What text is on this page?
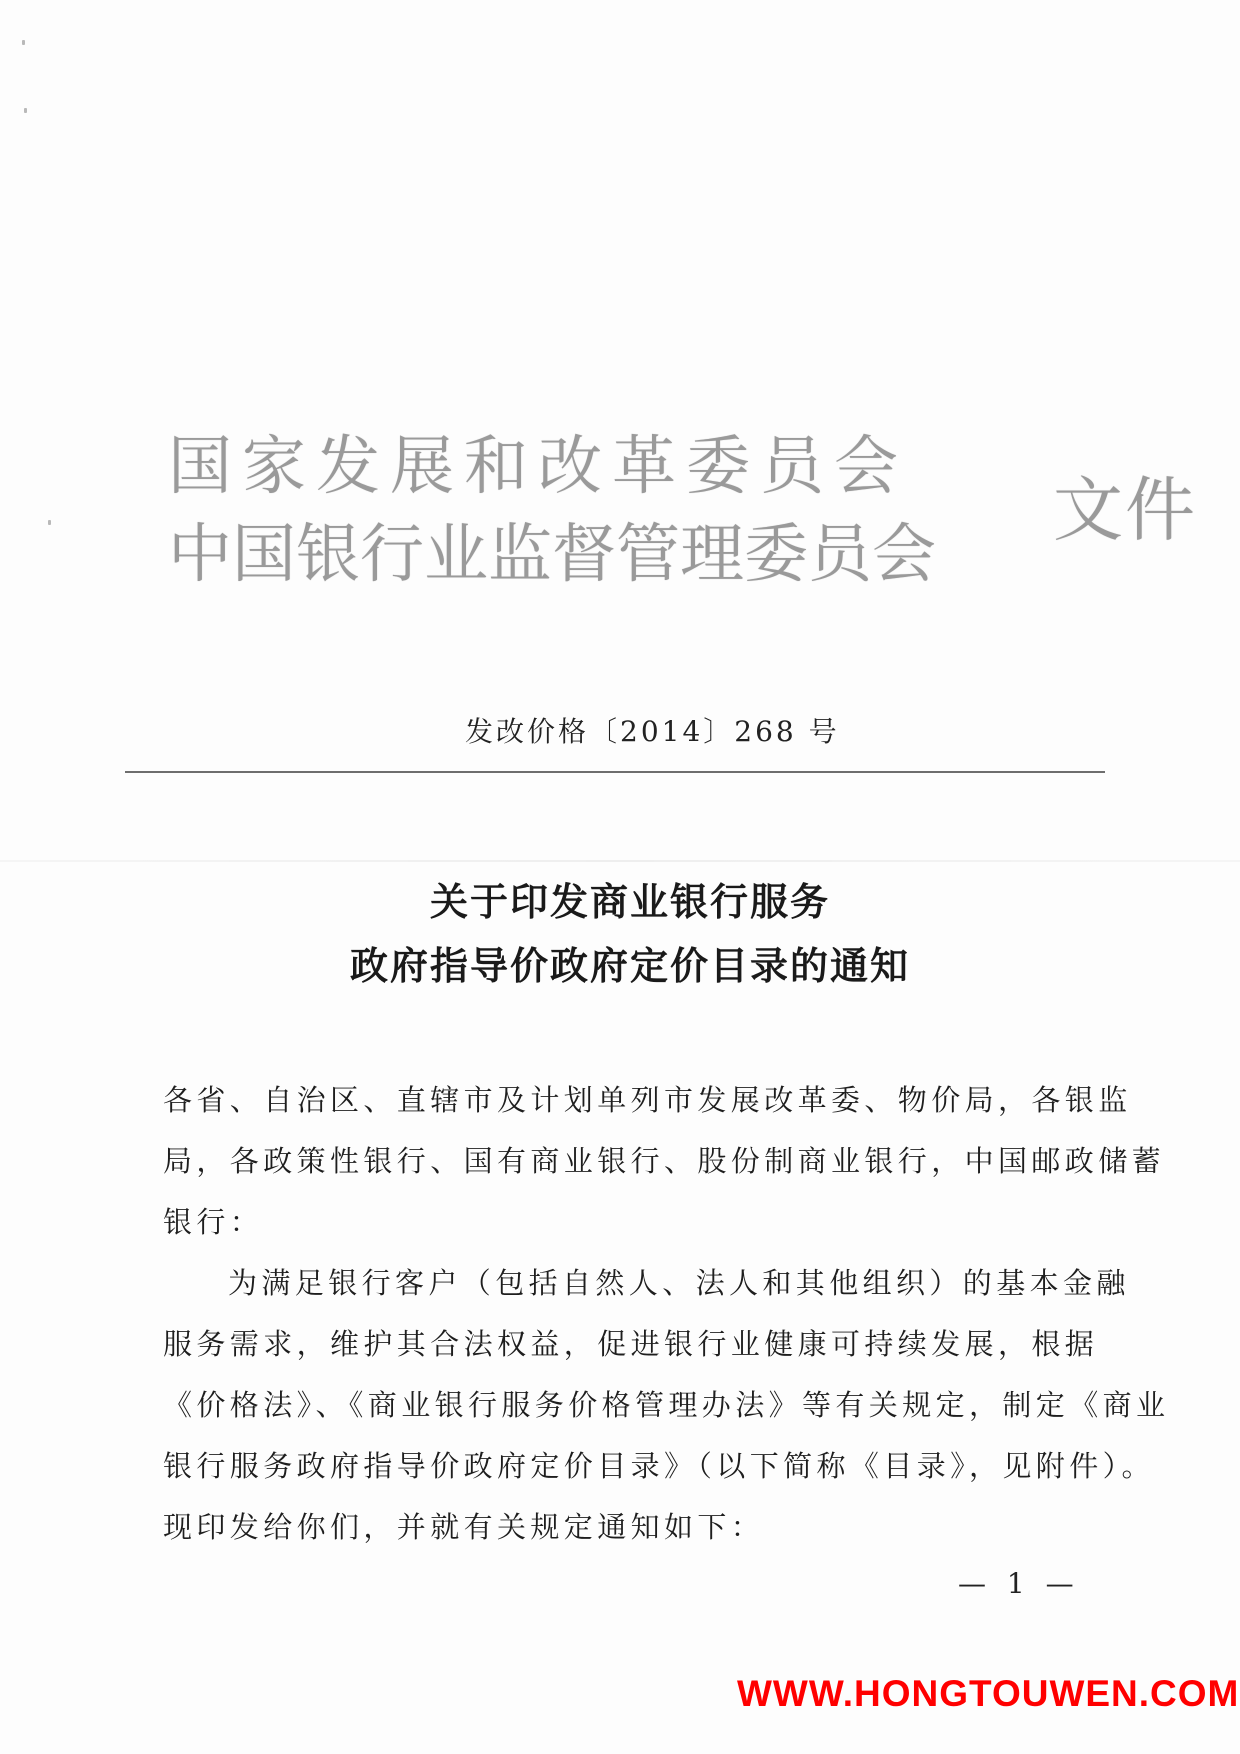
国家发展和改革委员会
中国银行业监督管理委员会
文件
发改价格〔2014〕268 号
关于印发商业银行服务
政府指导价政府定价目录的通知
各省、自治区、直辖市及计划单列市发展改革委、物价局，各银监
局，各政策性银行、国有商业银行、股份制商业银行，中国邮政储蓄
银行：
为满足银行客户（包括自然人、法人和其他组织）的基本金融
服务需求，维护其合法权益，促进银行业健康可持续发展，根据
《价格法》、《商业银行服务价格管理办法》等有关规定，制定《商业
银行服务政府指导价政府定价目录》（以下简称《目录》，见附件）。
现印发给你们，并就有关规定通知如下：
— 1 —
WWW.HONGTOUWEN.COM
